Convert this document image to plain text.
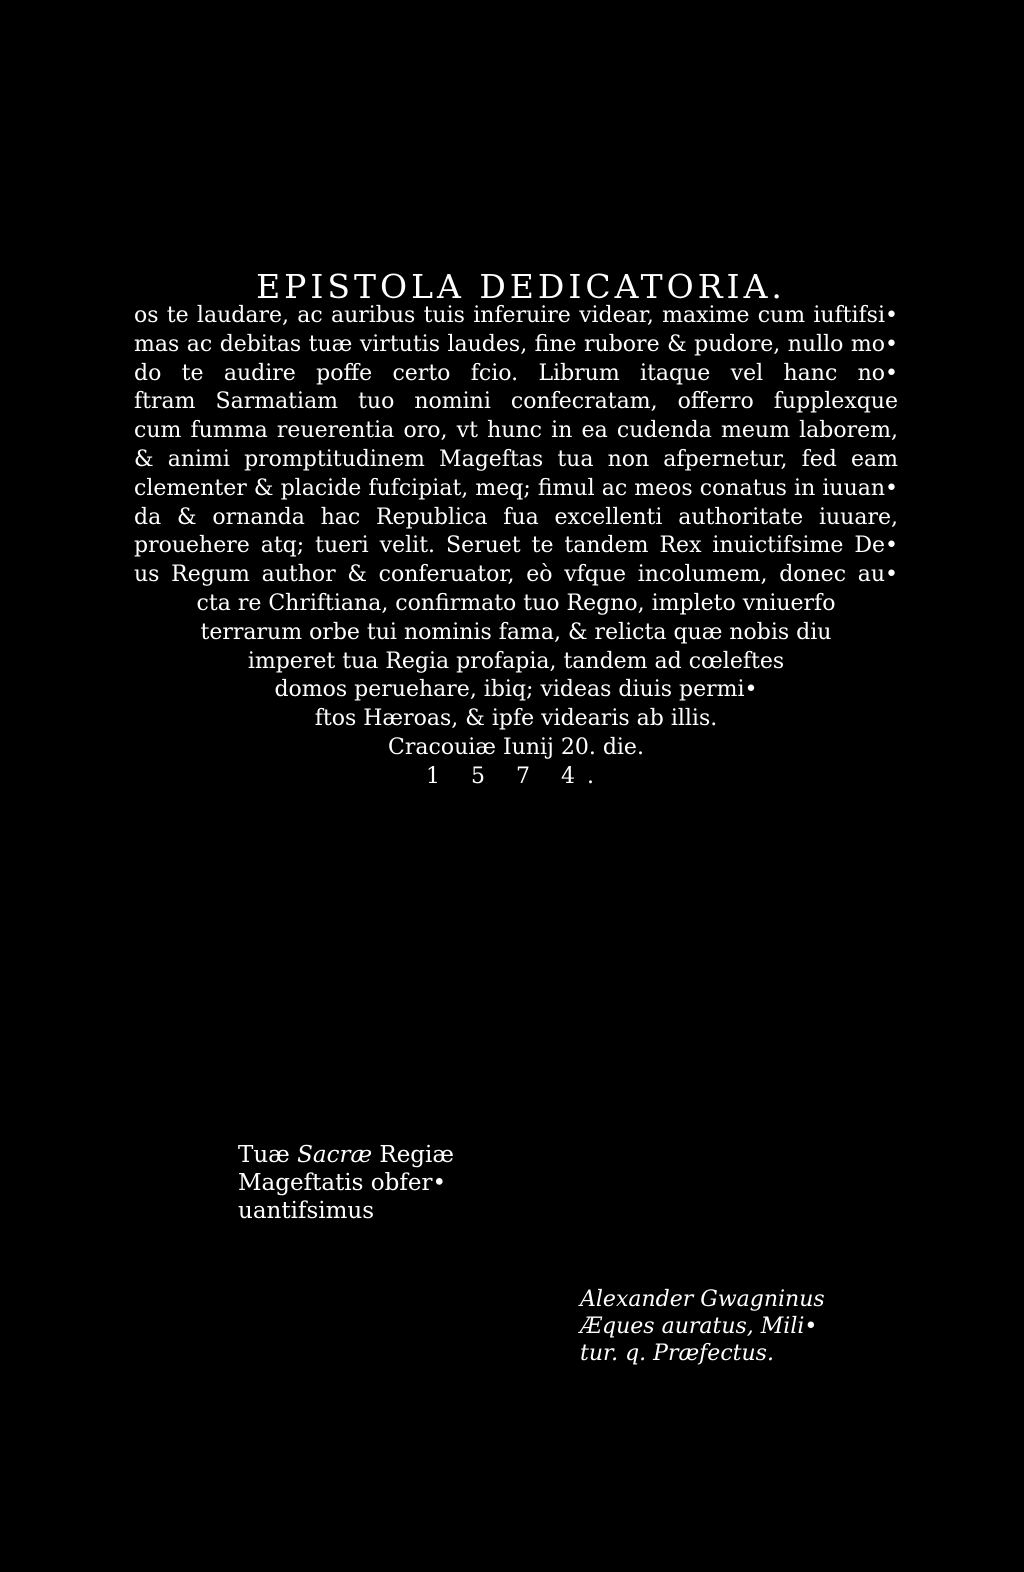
EPISTOLA DEDICATORIA.
os te laudare, ac auribus tuis inferuire videar, maxime cum iuftifsi•
mas ac debitas tuæ virtutis laudes, fine rubore & pudore, nullo mo•
do te audire poffe certo fcio. Librum itaque vel hanc no•
ftram Sarmatiam tuo nomini confecratam, offerro fupplexque
cum fumma reuerentia oro, vt hunc in ea cudenda meum laborem,
& animi promptitudinem Mageftas tua non afpernetur, fed eam
clementer & placide fufcipiat, meq; fimul ac meos conatus in iuuan•
da & ornanda hac Republica fua excellenti authoritate iuuare,
prouehere atq; tueri velit. Seruet te tandem Rex inuictifsime De•
us Regum author & conferuator, eò vfque incolumem, donec au•
cta re Chriftiana, confirmato tuo Regno, impleto vniuerfo
terrarum orbe tui nominis fama, & relicta quæ nobis diu
imperet tua Regia profapia, tandem ad cœleftes
domos peruehare, ibiq; videas diuis permi•
ftos Hæroas, & ipfe videaris ab illis.
Cracouiæ Iunij 20. die.
1 5 7 4.
Tuæ Sacræ Regiæ
Mageftatis obfer•
uantifsimus
Alexander Gwagninus
Æques auratus, Mili•
tur. q. Præfectus.
